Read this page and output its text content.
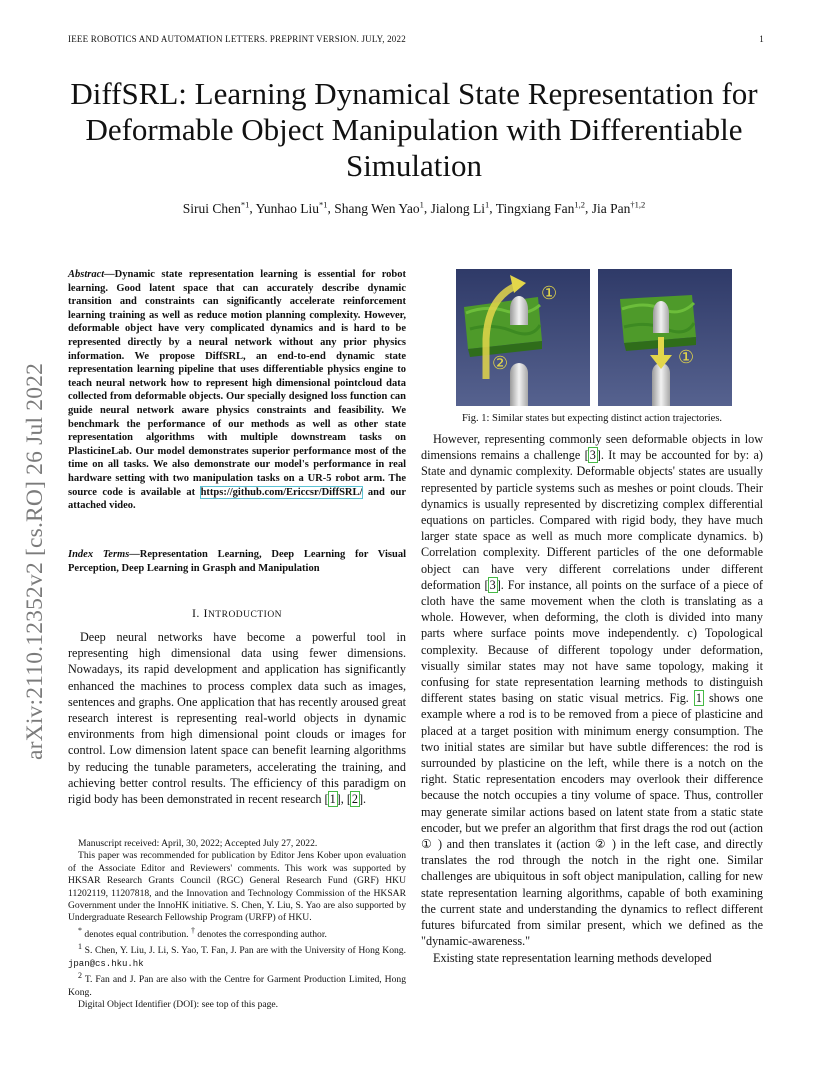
IEEE ROBOTICS AND AUTOMATION LETTERS. PREPRINT VERSION. JULY, 2022	1
arXiv:2110.12352v2 [cs.RO] 26 Jul 2022
DiffSRL: Learning Dynamical State Representation for Deformable Object Manipulation with Differentiable Simulation
Sirui Chen$^{*1}$, Yunhao Liu$^{*1}$, Shang Wen Yao$^1$, Jialong Li$^1$, Tingxiang Fan$^{1,2}$, Jia Pan$^{\dagger 1,2}$
Abstract—Dynamic state representation learning is essential for robot learning. Good latent space that can accurately describe dynamic transition and constraints can significantly accelerate reinforcement learning training as well as reduce motion planning complexity. However, deformable object have very complicated dynamics and is hard to be represented directly by a neural network without any prior physics information. We propose DiffSRL, an end-to-end dynamic state representation learning pipeline that uses differentiable physics engine to teach neural network how to represent high dimensional pointcloud data collected from deformable objects. Our specially designed loss function can guide neural network aware physics constraints and feasibility. We benchmark the performance of our methods as well as other state representation algorithms with multiple downstream tasks on PlasticineLab. Our model demonstrates superior performance most of the time on all tasks. We also demonstrate our model's performance in real hardware setting with two manipulation tasks on a UR-5 robot arm. The source code is available at https://github.com/Ericcsr/DiffSRL/ and our attached video.
Index Terms—Representation Learning, Deep Learning for Visual Perception, Deep Learning in Grasph and Manipulation
I. INTRODUCTION
Deep neural networks have become a powerful tool in representing high dimensional data using fewer dimensions. Nowadays, its rapid development and application has significantly enhanced the machines to process complex data such as images, sentences and graphs. One application that has recently aroused great research interest is representing real-world objects in dynamic environments from high dimensional point clouds or images for control. Low dimension latent space can benefit learning algorithms by reducing the tunable parameters, accelerating the training, and achieving better control results. The efficiency of this paradigm on rigid body has been demonstrated in recent research [1], [2].

Manuscript received: April, 30, 2022; Accepted July 27, 2022.

This paper was recommended for publication by Editor Jens Kober upon evaluation of the Associate Editor and Reviewers' comments. This work was supported by HKSAR Research Grants Council (RGC) General Research Fund (GRF) HKU 11202119, 11207818, and the Innovation and Technology Commission of the HKSAR Government under the InnoHK initiative. S. Chen, Y. Liu, S. Yao are also supported by Undergraduate Research Fellowship Program (URFP) of HKU.

* denotes equal contribution. † denotes the corresponding author.

$^1$ S. Chen, Y. Liu, J. Li, S. Yao, T. Fan, J. Pan are with the University of Hong Kong. jpan@cs.hku.hk

$^2$ T. Fan and J. Pan are also with the Centre for Garment Production Limited, Hong Kong.

Digital Object Identifier (DOI): see top of this page.

①
②	①
Fig. 1: Similar states but expecting distinct action trajectories.

However, representing commonly seen deformable objects in low dimensions remains a challenge [3]. It may be accounted for by: a) State and dynamic complexity. Deformable objects' states are usually represented by particle systems such as meshes or point clouds. Their dynamics is usually represented by discretizing complex differential equations on particles. Compared with rigid body, they have much larger state space as well as much more complicate dynamics. b) Correlation complexity. Different particles of the one deformable object can have very different correlations under different deformation [3]. For instance, all points on the surface of a piece of cloth have the same movement when the cloth is translating as a whole. However, when deforming, the cloth is divided into many parts where surface points move independently. c) Topological complexity. Because of different topology under deformation, visually similar states may not have same topology, making it confusing for state representation learning methods to distinguish different states basing on static visual metrics. Fig. 1 shows one example where a rod is to be removed from a piece of plasticine and placed at a target position with minimum energy consumption. The two initial states are similar but have subtle differences: the rod is surrounded by plasticine on the left, while there is a notch on the right. Static representation encoders may overlook their difference because the notch occupies a tiny volume of space. Thus, controller may generate similar actions based on latent state from a static state encoder, but we prefer an algorithm that first drags the rod out (action ① ) and then translates it (action ② ) in the left case, and directly translates the rod through the notch in the right one. Similar challenges are ubiquitous in soft object manipulation, calling for new state representation learning algorithms, capable of both examining the current state and understanding the dynamics to reflect different futures bifurcated from similar present, which we defined as the "dynamic-awareness."

Existing state representation learning methods developed
